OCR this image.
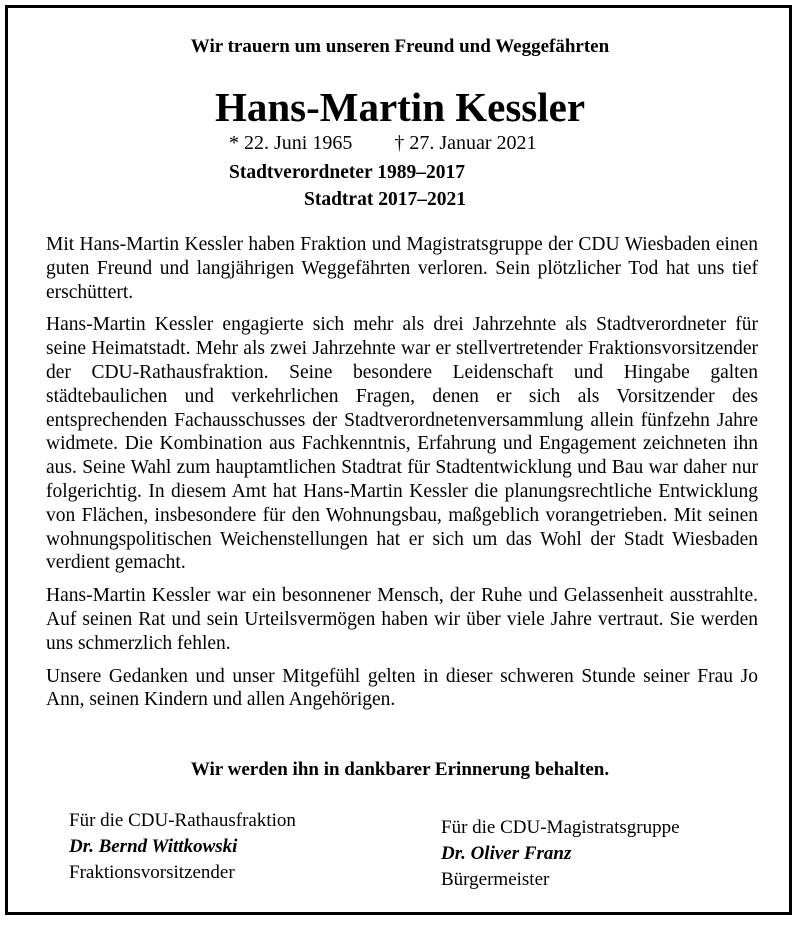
Wir trauern um unseren Freund und Weggefährten
Hans-Martin Kessler
* 22. Juni 1965 † 27. Januar 2021
Stadtverordneter 1989–2017
Stadtrat 2017–2021

Mit Hans-Martin Kessler haben Fraktion und Magistratsgruppe der CDU Wiesbaden einen guten Freund und langjährigen Weggefährten verloren. Sein plötzlicher Tod hat uns tief erschüttert.

Hans-Martin Kessler engagierte sich mehr als drei Jahrzehnte als Stadtverordneter für seine Heimatstadt. Mehr als zwei Jahrzehnte war er stellvertretender Fraktionsvorsitzender der CDU-Rathausfraktion. Seine besondere Leidenschaft und Hingabe galten städtebaulichen und verkehrlichen Fragen, denen er sich als Vorsitzender des entsprechenden Fachausschusses der Stadtverordnetenversammlung allein fünfzehn Jahre widmete. Die Kombination aus Fachkenntnis, Erfahrung und Engagement zeichneten ihn aus. Seine Wahl zum hauptamtlichen Stadtrat für Stadtentwicklung und Bau war daher nur folgerichtig. In diesem Amt hat Hans-Martin Kessler die planungsrechtliche Entwicklung von Flächen, insbesondere für den Wohnungsbau, maßgeblich vorangetrieben. Mit seinen wohnungspolitischen Weichenstellungen hat er sich um das Wohl der Stadt Wiesbaden verdient gemacht.

Hans-Martin Kessler war ein besonnener Mensch, der Ruhe und Gelassenheit ausstrahlte. Auf seinen Rat und sein Urteilsvermögen haben wir über viele Jahre vertraut. Sie werden uns schmerzlich fehlen.

Unsere Gedanken und unser Mitgefühl gelten in dieser schweren Stunde seiner Frau Jo Ann, seinen Kindern und allen Angehörigen.

Wir werden ihn in dankbarer Erinnerung behalten.
Für die CDU-Rathausfraktion
Dr. Bernd Wittkowski
Fraktionsvorsitzender
Für die CDU-Magistratsgruppe
Dr. Oliver Franz
Bürgermeister
